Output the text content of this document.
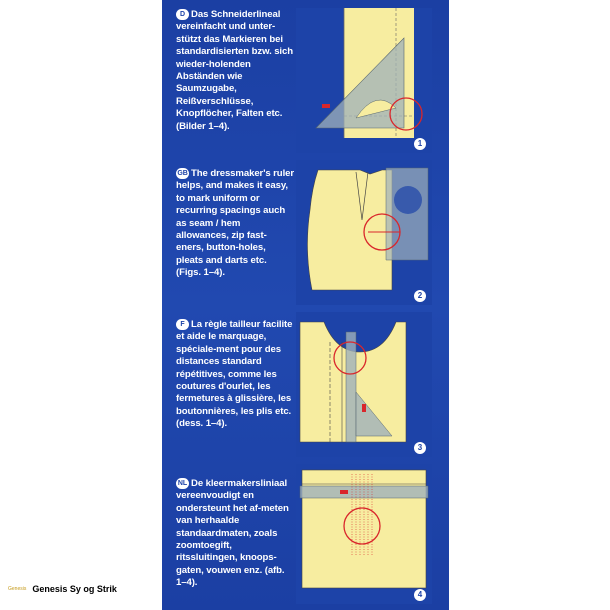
D Das Schneiderlineal vereinfacht und unter-stützt das Markieren bei standardisierten bzw. sich wieder-holenden Abständen wie Saumzugabe, Reißverschlüsse, Knopflöcher, Falten etc. (Bilder 1–4).
GB The dressmaker's ruler helps, and makes it easy, to mark uniform or recurring spacings auch as seam / hem allowances, zip fast-eners, button-holes, pleats and darts etc. (Figs. 1–4).
F La règle tailleur facilite et aide le marquage, spéciale-ment pour des distances standard répétitives, comme les coutures d'ourlet, les fermetures à glissière, les boutonnières, les plis etc. (dess. 1–4).
NL De kleermakersliniaal vereenvoudigt en ondersteunt het af-meten van herhaalde standaardmaten, zoals zoomtoegift, ritssluitingen, knoops-gaten, vouwen enz. (afb. 1–4).
1
2
3
4
Genesis Genesis Sy og Strik
